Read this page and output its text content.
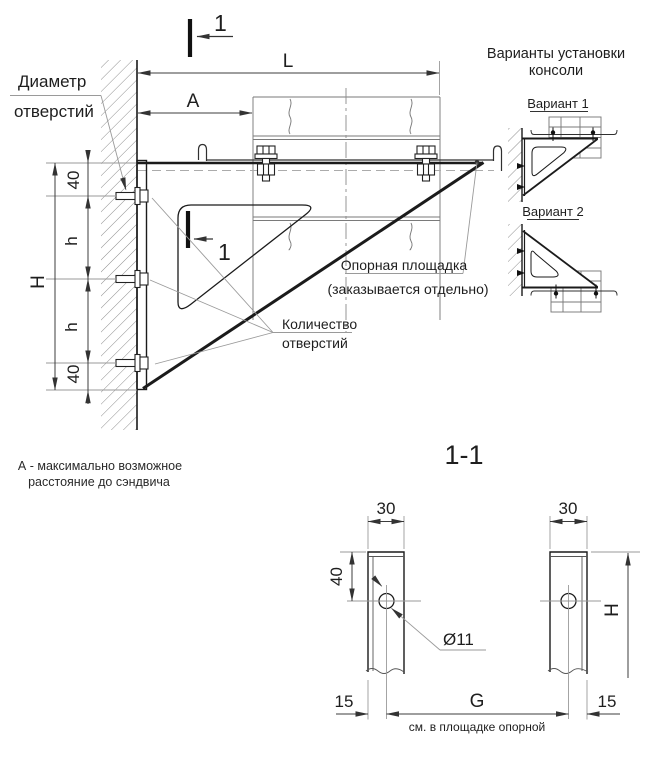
1
1
L
A
40
h
h
40
H
Диаметр
отверстий
Количество
отверстий
Опорная площадка
(заказывается отдельно)
А - максимально возможное
расстояние до сэндвича
Варианты установки
консоли
Вариант 1
Вариант 2
1-1
30	30
40
Ø11
H
15	G	15
см. в площадке опорной
